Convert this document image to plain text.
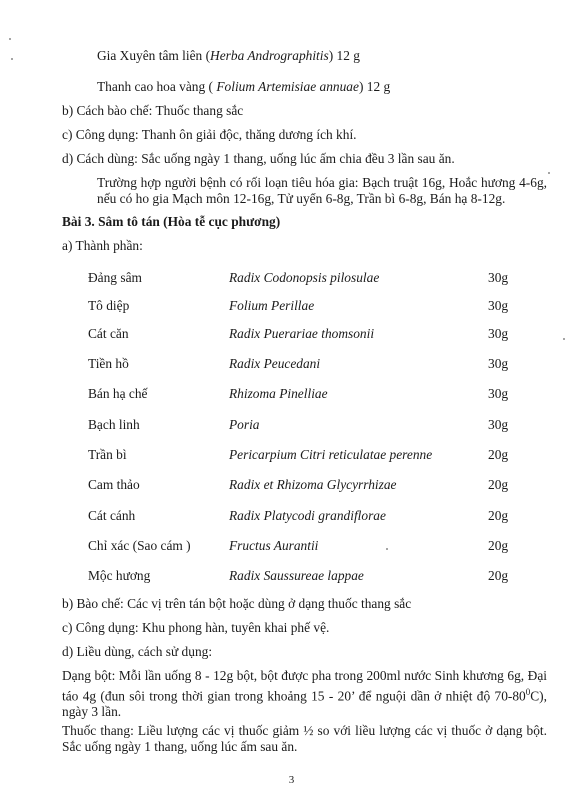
Gia Xuyên tâm liên (Herba Andrographitis) 12 g
Thanh cao hoa vàng ( Folium Artemisiae annuae) 12 g
b) Cách bào chế: Thuốc thang sắc
c) Công dụng: Thanh ôn giải độc, thăng dương ích khí.
d) Cách dùng: Sắc uống ngày 1 thang, uống lúc ấm chia đều 3 lần sau ăn.
Trường hợp người bệnh có rối loạn tiêu hóa gia: Bạch truật 16g, Hoắc hương 4-6g, nếu có ho gia Mạch môn 12-16g, Tử uyển 6-8g, Trần bì 6-8g, Bán hạ 8-12g.
Bài 3. Sâm tô tán (Hòa tễ cục phương)
a) Thành phần:
Đảng sâm	Radix Codonopsis pilosulae	30g
Tô diệp	Folium Perillae	30g
Cát căn	Radix Puerariae thomsonii	30g
Tiền hồ	Radix Peucedani	30g
Bán hạ chế	Rhizoma Pinelliae	30g
Bạch linh	Poria	30g
Trần bì	Pericarpium Citri reticulatae perenne	20g
Cam thảo	Radix et Rhizoma Glycyrrhizae	20g
Cát cánh	Radix Platycodi grandiflorae	20g
Chỉ xác (Sao cám )	Fructus Aurantii	20g
Mộc hương	Radix Saussureae lappae	20g
b) Bào chế: Các vị trên tán bột hoặc dùng ở dạng thuốc thang sắc
c) Công dụng: Khu phong hàn, tuyên khai phế vệ.
d) Liều dùng, cách sử dụng:
Dạng bột: Mỗi lần uống 8 - 12g bột, bột được pha trong 200ml nước Sinh khương 6g, Đại táo 4g (đun sôi trong thời gian trong khoảng 15 - 20’ để nguội dần ở nhiệt độ $70-80^0C$), ngày 3 lần.
Thuốc thang: Liều lượng các vị thuốc giảm ½ so với liều lượng các vị thuốc ở dạng bột. Sắc uống ngày 1 thang, uống lúc ấm sau ăn.
3
